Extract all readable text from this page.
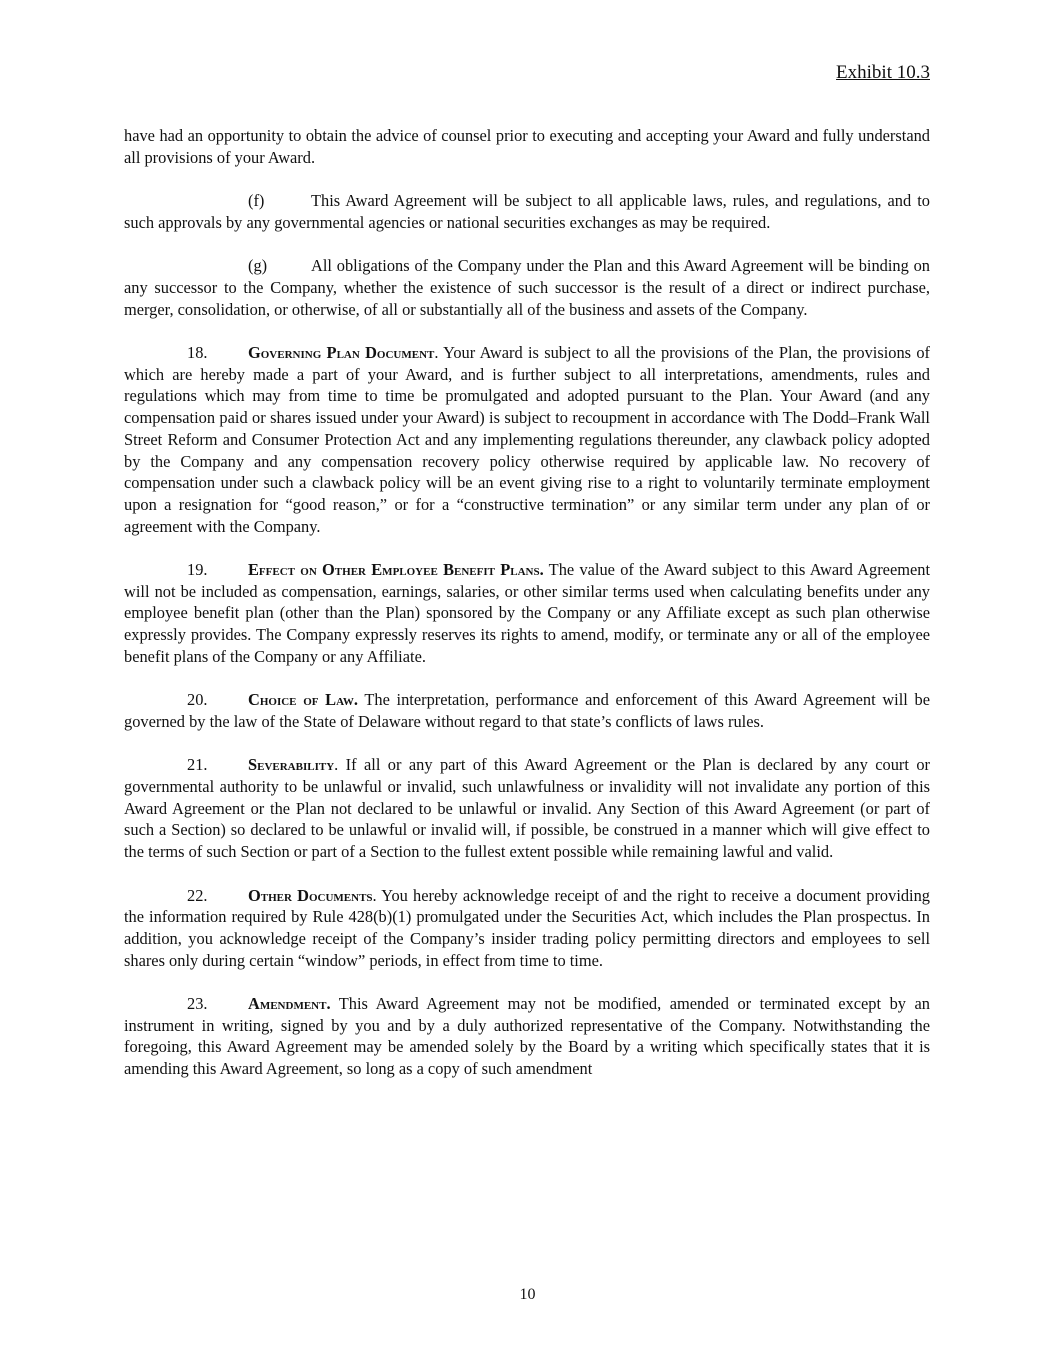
Exhibit 10.3

have had an opportunity to obtain the advice of counsel prior to executing and accepting your Award and fully understand all provisions of your Award.

(f)	This Award Agreement will be subject to all applicable laws, rules, and regulations, and to such approvals by any governmental agencies or national securities exchanges as may be required.

(g)	All obligations of the Company under the Plan and this Award Agreement will be binding on any successor to the Company, whether the existence of such successor is the result of a direct or indirect purchase, merger, consolidation, or otherwise, of all or substantially all of the business and assets of the Company.

18. Governing Plan Document. Your Award is subject to all the provisions of the Plan, the provisions of which are hereby made a part of your Award, and is further subject to all interpretations, amendments, rules and regulations which may from time to time be promulgated and adopted pursuant to the Plan. Your Award (and any compensation paid or shares issued under your Award) is subject to recoupment in accordance with The Dodd–Frank Wall Street Reform and Consumer Protection Act and any implementing regulations thereunder, any clawback policy adopted by the Company and any compensation recovery policy otherwise required by applicable law. No recovery of compensation under such a clawback policy will be an event giving rise to a right to voluntarily terminate employment upon a resignation for “good reason,” or for a “constructive termination” or any similar term under any plan of or agreement with the Company.

19. Effect on Other Employee Benefit Plans. The value of the Award subject to this Award Agreement will not be included as compensation, earnings, salaries, or other similar terms used when calculating benefits under any employee benefit plan (other than the Plan) sponsored by the Company or any Affiliate except as such plan otherwise expressly provides. The Company expressly reserves its rights to amend, modify, or terminate any or all of the employee benefit plans of the Company or any Affiliate.

20. Choice of Law. The interpretation, performance and enforcement of this Award Agreement will be governed by the law of the State of Delaware without regard to that state’s conflicts of laws rules.

21. Severability. If all or any part of this Award Agreement or the Plan is declared by any court or governmental authority to be unlawful or invalid, such unlawfulness or invalidity will not invalidate any portion of this Award Agreement or the Plan not declared to be unlawful or invalid. Any Section of this Award Agreement (or part of such a Section) so declared to be unlawful or invalid will, if possible, be construed in a manner which will give effect to the terms of such Section or part of a Section to the fullest extent possible while remaining lawful and valid.

22. Other Documents. You hereby acknowledge receipt of and the right to receive a document providing the information required by Rule 428(b)(1) promulgated under the Securities Act, which includes the Plan prospectus. In addition, you acknowledge receipt of the Company’s insider trading policy permitting directors and employees to sell shares only during certain “window” periods, in effect from time to time.

23. Amendment. This Award Agreement may not be modified, amended or terminated except by an instrument in writing, signed by you and by a duly authorized representative of the Company. Notwithstanding the foregoing, this Award Agreement may be amended solely by the Board by a writing which specifically states that it is amending this Award Agreement, so long as a copy of such amendment

10
